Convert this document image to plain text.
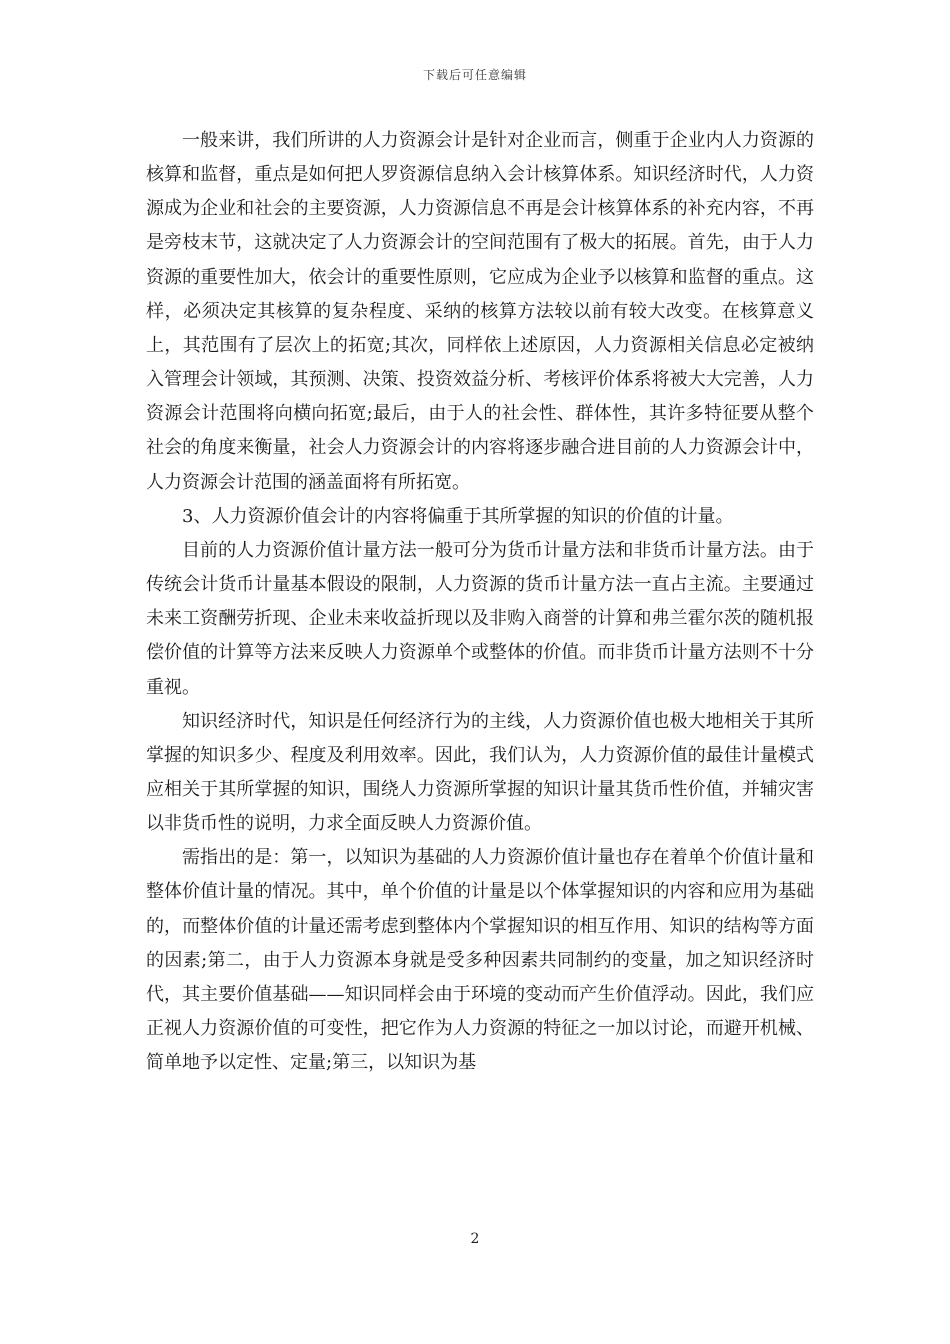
下载后可任意编辑

一般来讲，我们所讲的人力资源会计是针对企业而言，侧重于企业内人力资源的核算和监督，重点是如何把人罗资源信息纳入会计核算体系。知识经济时代，人力资源成为企业和社会的主要资源，人力资源信息不再是会计核算体系的补充内容，不再是旁枝末节，这就决定了人力资源会计的空间范围有了极大的拓展。首先，由于人力资源的重要性加大，依会计的重要性原则，它应成为企业予以核算和监督的重点。这样，必须决定其核算的复杂程度、采纳的核算方法较以前有较大改变。在核算意义上，其范围有了层次上的拓宽;其次，同样依上述原因，人力资源相关信息必定被纳入管理会计领域，其预测、决策、投资效益分析、考核评价体系将被大大完善，人力资源会计范围将向横向拓宽;最后，由于人的社会性、群体性，其许多特征要从整个社会的角度来衡量，社会人力资源会计的内容将逐步融合进目前的人力资源会计中，人力资源会计范围的涵盖面将有所拓宽。

3、人力资源价值会计的内容将偏重于其所掌握的知识的价值的计量。

目前的人力资源价值计量方法一般可分为货币计量方法和非货币计量方法。由于传统会计货币计量基本假设的限制，人力资源的货币计量方法一直占主流。主要通过未来工资酬劳折现、企业未来收益折现以及非购入商誉的计算和弗兰霍尔茨的随机报偿价值的计算等方法来反映人力资源单个或整体的价值。而非货币计量方法则不十分重视。

知识经济时代，知识是任何经济行为的主线，人力资源价值也极大地相关于其所掌握的知识多少、程度及利用效率。因此，我们认为，人力资源价值的最佳计量模式应相关于其所掌握的知识，围绕人力资源所掌握的知识计量其货币性价值，并辅灾害以非货币性的说明，力求全面反映人力资源价值。

需指出的是：第一，以知识为基础的人力资源价值计量也存在着单个价值计量和整体价值计量的情况。其中，单个价值的计量是以个体掌握知识的内容和应用为基础的，而整体价值的计量还需考虑到整体内个掌握知识的相互作用、知识的结构等方面的因素;第二，由于人力资源本身就是受多种因素共同制约的变量，加之知识经济时代，其主要价值基础——知识同样会由于环境的变动而产生价值浮动。因此，我们应正视人力资源价值的可变性，把它作为人力资源的特征之一加以讨论，而避开机械、简单地予以定性、定量;第三，以知识为基

2
